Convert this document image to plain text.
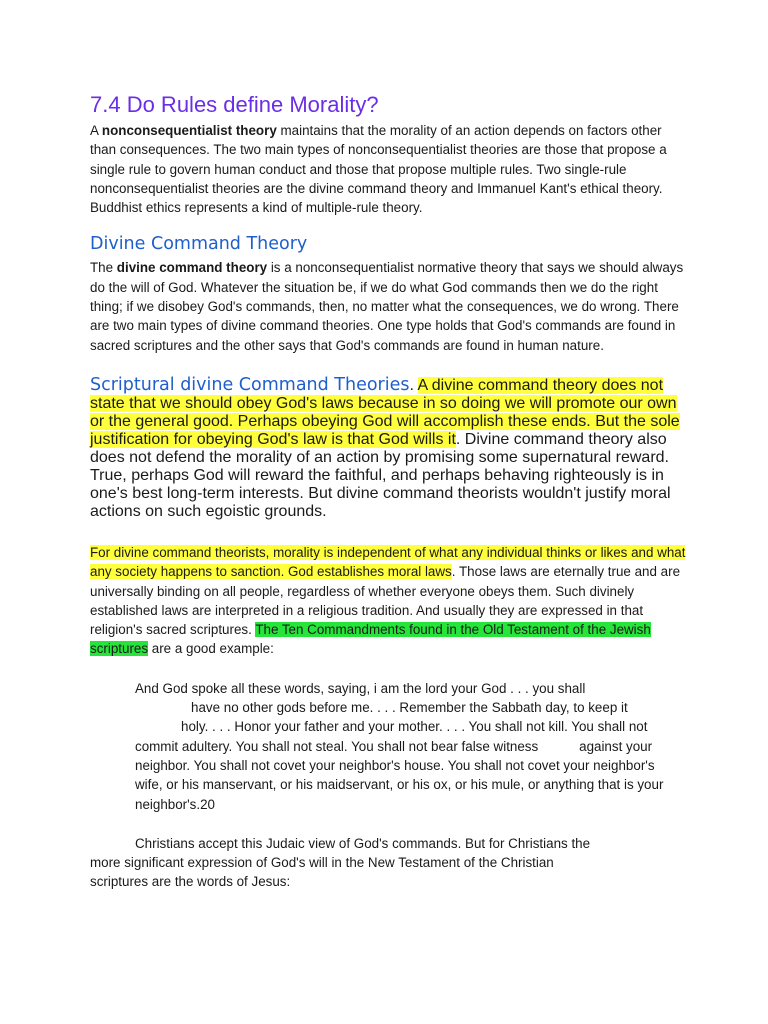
7.4 Do Rules define Morality?

A nonconsequentialist theory maintains that the morality of an action depends on factors other than consequences. The two main types of nonconsequentialist theories are those that propose a single rule to govern human conduct and those that propose multiple rules. Two single-rule nonconsequentialist theories are the divine command theory and Immanuel Kant's ethical theory. Buddhist ethics represents a kind of multiple-rule theory.

Divine Command Theory

The divine command theory is a nonconsequentialist normative theory that says we should always do the will of God. Whatever the situation be, if we do what God commands then we do the right thing; if we disobey God's commands, then, no matter what the consequences, we do wrong. There are two main types of divine command theories. One type holds that God's commands are found in sacred scriptures and the other says that God's commands are found in human nature.

Scriptural divine Command Theories. A divine command theory does not state that we should obey God's laws because in so doing we will promote our own or the general good. Perhaps obeying God will accomplish these ends. But the sole justification for obeying God's law is that God wills it. Divine command theory also does not defend the morality of an action by promising some supernatural reward. True, perhaps God will reward the faithful, and perhaps behaving righteously is in one's best long-term interests. But divine command theorists wouldn't justify moral actions on such egoistic grounds.

For divine command theorists, morality is independent of what any individual thinks or likes and what any society happens to sanction. God establishes moral laws. Those laws are eternally true and are universally binding on all people, regardless of whether everyone obeys them. Such divinely established laws are interpreted in a religious tradition. And usually they are expressed in that religion's sacred scriptures. The Ten Commandments found in the Old Testament of the Jewish scriptures are a good example:

And God spoke all these words, saying, i am the lord your God . . . you shall
have no other gods before me. . . . Remember the Sabbath day, to keep it
holy. . . . Honor your father and your mother. . . . You shall not kill. You shall not
commit adultery. You shall not steal. You shall not bear false witness           against your
neighbor. You shall not covet your neighbor's house. You shall not covet your neighbor's
wife, or his manservant, or his maidservant, or his ox, or his mule, or anything that is your
neighbor's.20
Christians accept this Judaic view of God's commands. But for Christians the
more significant expression of God's will in the New Testament of the Christian
scriptures are the words of Jesus:
